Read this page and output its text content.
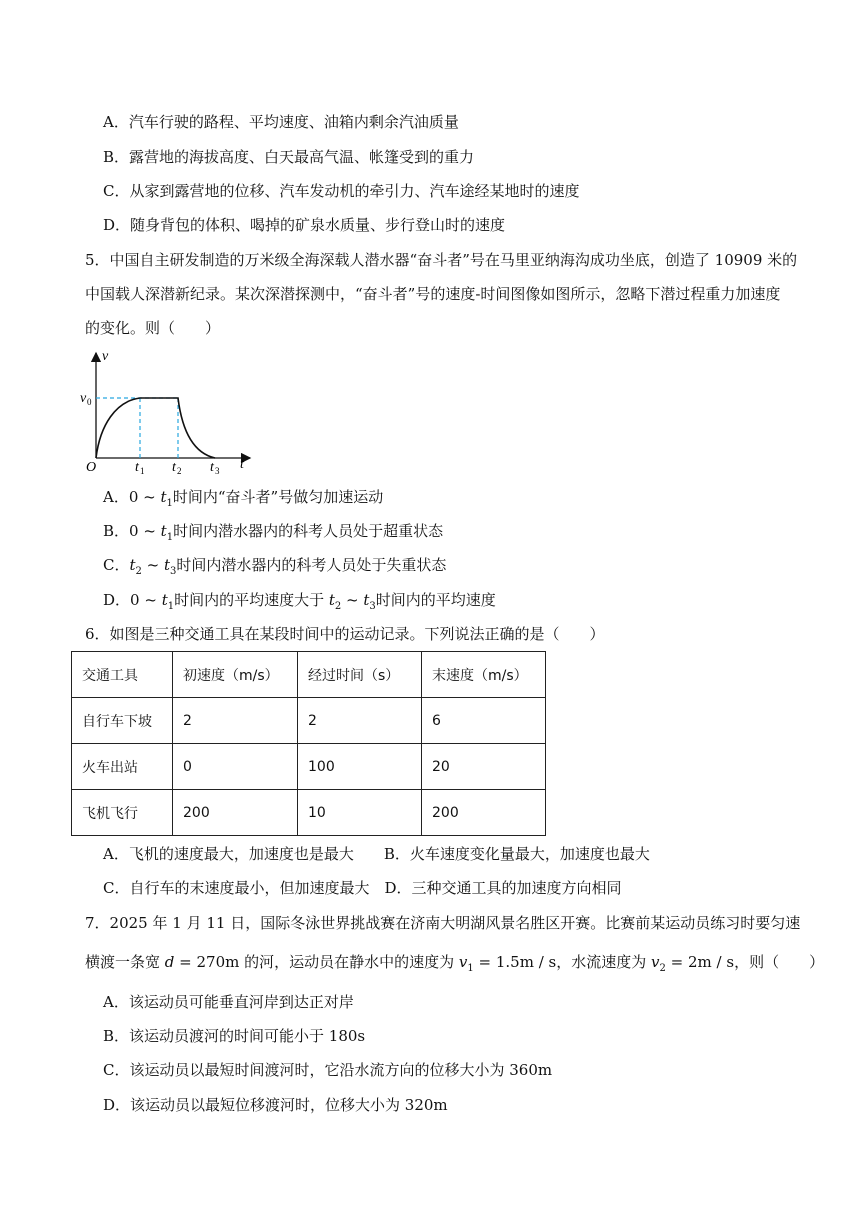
A．汽车行驶的路程、平均速度、油箱内剩余汽油质量
B．露营地的海拔高度、白天最高气温、帐篷受到的重力
C．从家到露营地的位移、汽车发动机的牵引力、汽车途经某地时的速度
D．随身背包的体积、喝掉的矿泉水质量、步行登山时的速度
5．中国自主研发制造的万米级全海深载人潜水器“奋斗者”号在马里亚纳海沟成功坐底，创造了 10909 米的
中国载人深潜新纪录。某次深潜探测中，“奋斗者”号的速度-时间图像如图所示，忽略下潜过程重力加速度
的变化。则（　　）
v
t
O
v 0
t 1 t 2 t 3
A．0 ~ $t_1$时间内“奋斗者”号做匀加速运动
B．0 ~ $t_1$时间内潜水器内的科考人员处于超重状态
C．$t_2$ ~ $t_3$时间内潜水器内的科考人员处于失重状态
D．0 ~ $t_1$时间内的平均速度大于 $t_2$ ~ $t_3$时间内的平均速度
6．如图是三种交通工具在某段时间中的运动记录。下列说法正确的是（　　）
交通工具	初速度（m/s）	经过时间（s）	末速度（m/s）
自行车下坡	2	2	6
火车出站	0	100	20
飞机飞行	200	10	200
A．飞机的速度最大，加速度也是最大　　B．火车速度变化量最大，加速度也最大
C．自行车的末速度最小，但加速度最大　D．三种交通工具的加速度方向相同
7．2025 年 1 月 11 日，国际冬泳世界挑战赛在济南大明湖风景名胜区开赛。比赛前某运动员练习时要匀速
横渡一条宽 d = 270m 的河，运动员在静水中的速度为 $v_1 = 1.5m / s$，水流速度为 $v_2 = 2m / s$，则（　　）
A．该运动员可能垂直河岸到达正对岸
B．该运动员渡河的时间可能小于 180s
C．该运动员以最短时间渡河时，它沿水流方向的位移大小为 360m
D．该运动员以最短位移渡河时，位移大小为 320m
